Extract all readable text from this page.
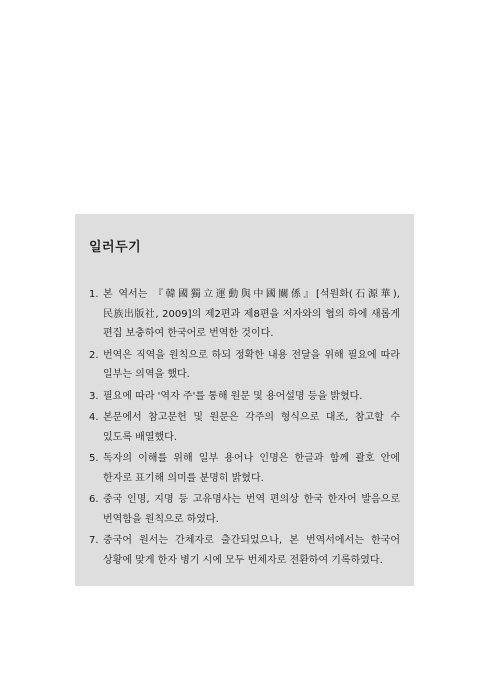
일러두기
1. 본 역서는 『韓國獨立運動與中國關係』[석원화(石源華), 民族出版社, 2009]의 제2편과 제8편을 저자와의 협의 하에 새롭게 편집 보충하여 한국어로 번역한 것이다.
2. 번역은 직역을 원칙으로 하되 정확한 내용 전달을 위해 필요에 따라 일부는 의역을 했다.
3. 필요에 따라 '역자 주'를 통해 원문 및 용어설명 등을 밝혔다.
4. 본문에서 참고문헌 및 원문은 각주의 형식으로 대조, 참고할 수 있도록 배열했다.
5. 독자의 이해를 위해 일부 용어나 인명은 한글과 함께 괄호 안에 한자로 표기해 의미를 분명히 밝혔다.
6. 중국 인명, 지명 등 고유명사는 번역 편의상 한국 한자어 발음으로 번역함을 원칙으로 하였다.
7. 중국어 원서는 간체자로 출간되었으나, 본 번역서에서는 한국어 상황에 맞게 한자 병기 시에 모두 번체자로 전환하여 기록하였다.
